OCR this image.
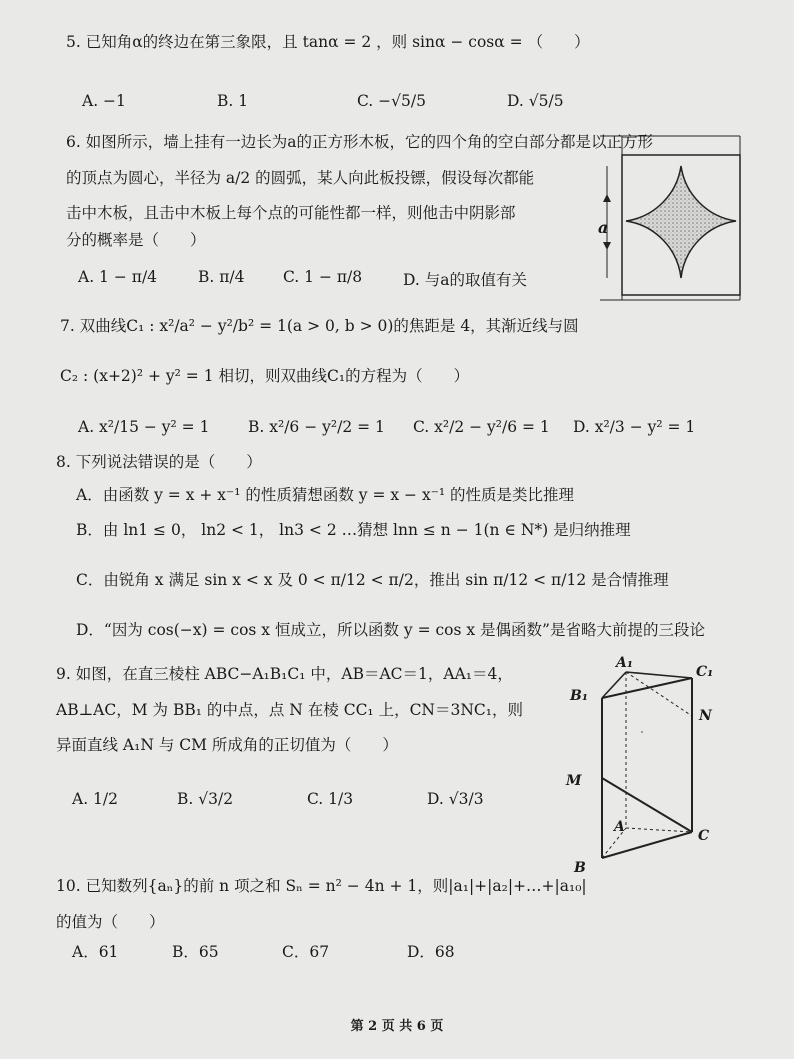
5. 已知角α的终边在第三象限，且 tanα = 2 ，则 sinα − cosα = （　　）
A. −1	B. 1	C. −√5/5	D. √5/5
6. 如图所示，墙上挂有一边长为a的正方形木板，它的四个角的空白部分都是以正方形
的顶点为圆心，半径为 a/2 的圆弧，某人向此板投镖，假设每次都能
击中木板，且击中木板上每个点的可能性都一样，则他击中阴影部
分的概率是（　　）
A. 1 − π/4	B. π/4 C. 1 − π/8	D. 与a的取值有关
a
7. 双曲线C₁ : x²/a² − y²/b² = 1(a > 0, b > 0)的焦距是 4，其渐近线与圆
C₂ : (x+2)² + y² = 1 相切，则双曲线C₁的方程为（　　）
A. x²/15 − y² = 1 B. x²/6 − y²/2 = 1 C. x²/2 − y²/6 = 1 D. x²/3 − y² = 1
8. 下列说法错误的是（　　）
A．由函数 y = x + x⁻¹ 的性质猜想函数 y = x − x⁻¹ 的性质是类比推理
B．由 ln1 ≤ 0， ln2 < 1， ln3 < 2 …猜想 lnn ≤ n − 1(n ∈ N*) 是归纳推理
C．由锐角 x 满足 sin x < x 及 0 < π/12 < π/2，推出 sin π/12 < π/12 是合情推理
D．“因为 cos(−x) = cos x 恒成立，所以函数 y = cos x 是偶函数”是省略大前提的三段论
9. 如图，在直三棱柱 ABC−A₁B₁C₁ 中，AB＝AC＝1，AA₁＝4，
AB⊥AC，M 为 BB₁ 的中点，点 N 在棱 CC₁ 上，CN＝3NC₁，则
异面直线 A₁N 与 CM 所成角的正切值为（　　）
A. 1/2	B. √3/2	C. 1/3	D. √3/3
A₁
C₁
B₁
N
M
A
C
B
10. 已知数列{aₙ}的前 n 项之和 Sₙ = n² − 4n + 1，则|a₁|+|a₂|+…+|a₁₀|
的值为（　　）
A．61	B．65	C．67	D．68
第 2 页 共 6 页
